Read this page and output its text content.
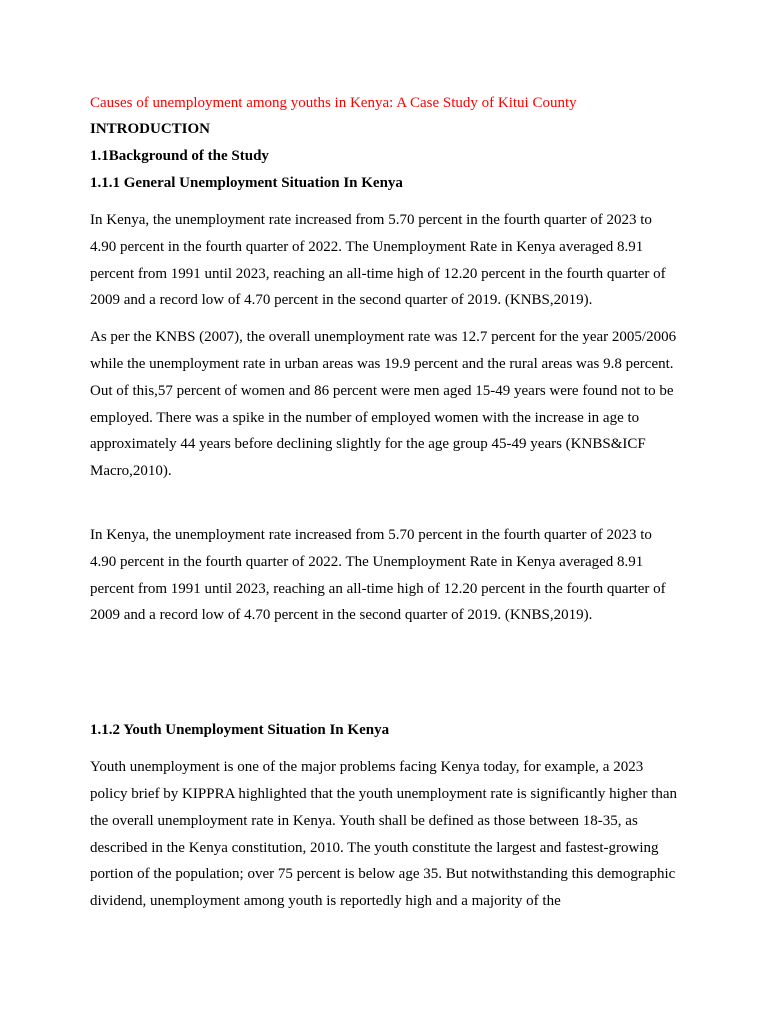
Causes of unemployment among youths in Kenya: A Case Study of Kitui County

INTRODUCTION

1.1Background of the Study

1.1.1 General Unemployment Situation In Kenya

In Kenya, the unemployment rate increased from 5.70 percent in the fourth quarter of 2023 to 4.90 percent in the fourth quarter of 2022. The Unemployment Rate in Kenya averaged 8.91 percent from 1991 until 2023, reaching an all-time high of 12.20 percent in the fourth quarter of 2009 and a record low of 4.70 percent in the second quarter of 2019. (KNBS,2019).

As per the KNBS (2007), the overall unemployment rate was 12.7 percent for the year 2005/2006 while the unemployment rate in urban areas was 19.9 percent and the rural areas was 9.8 percent. Out of this,57 percent of women and 86 percent were men aged 15-49 years were found not to be employed. There was a spike in the number of employed women with the increase in age to approximately 44 years before declining slightly for the age group 45-49 years (KNBS&ICF Macro,2010).

In Kenya, the unemployment rate increased from 5.70 percent in the fourth quarter of 2023 to 4.90 percent in the fourth quarter of 2022. The Unemployment Rate in Kenya averaged 8.91 percent from 1991 until 2023, reaching an all-time high of 12.20 percent in the fourth quarter of 2009 and a record low of 4.70 percent in the second quarter of 2019. (KNBS,2019).

1.1.2 Youth Unemployment Situation In Kenya

Youth unemployment is one of the major problems facing Kenya today, for example, a 2023 policy brief by KIPPRA highlighted that the youth unemployment rate is significantly higher than the overall unemployment rate in Kenya. Youth shall be defined as those between 18-35, as described in the Kenya constitution, 2010. The youth constitute the largest and fastest-growing portion of the population; over 75 percent is below age 35. But notwithstanding this demographic dividend, unemployment among youth is reportedly high and a majority of the
